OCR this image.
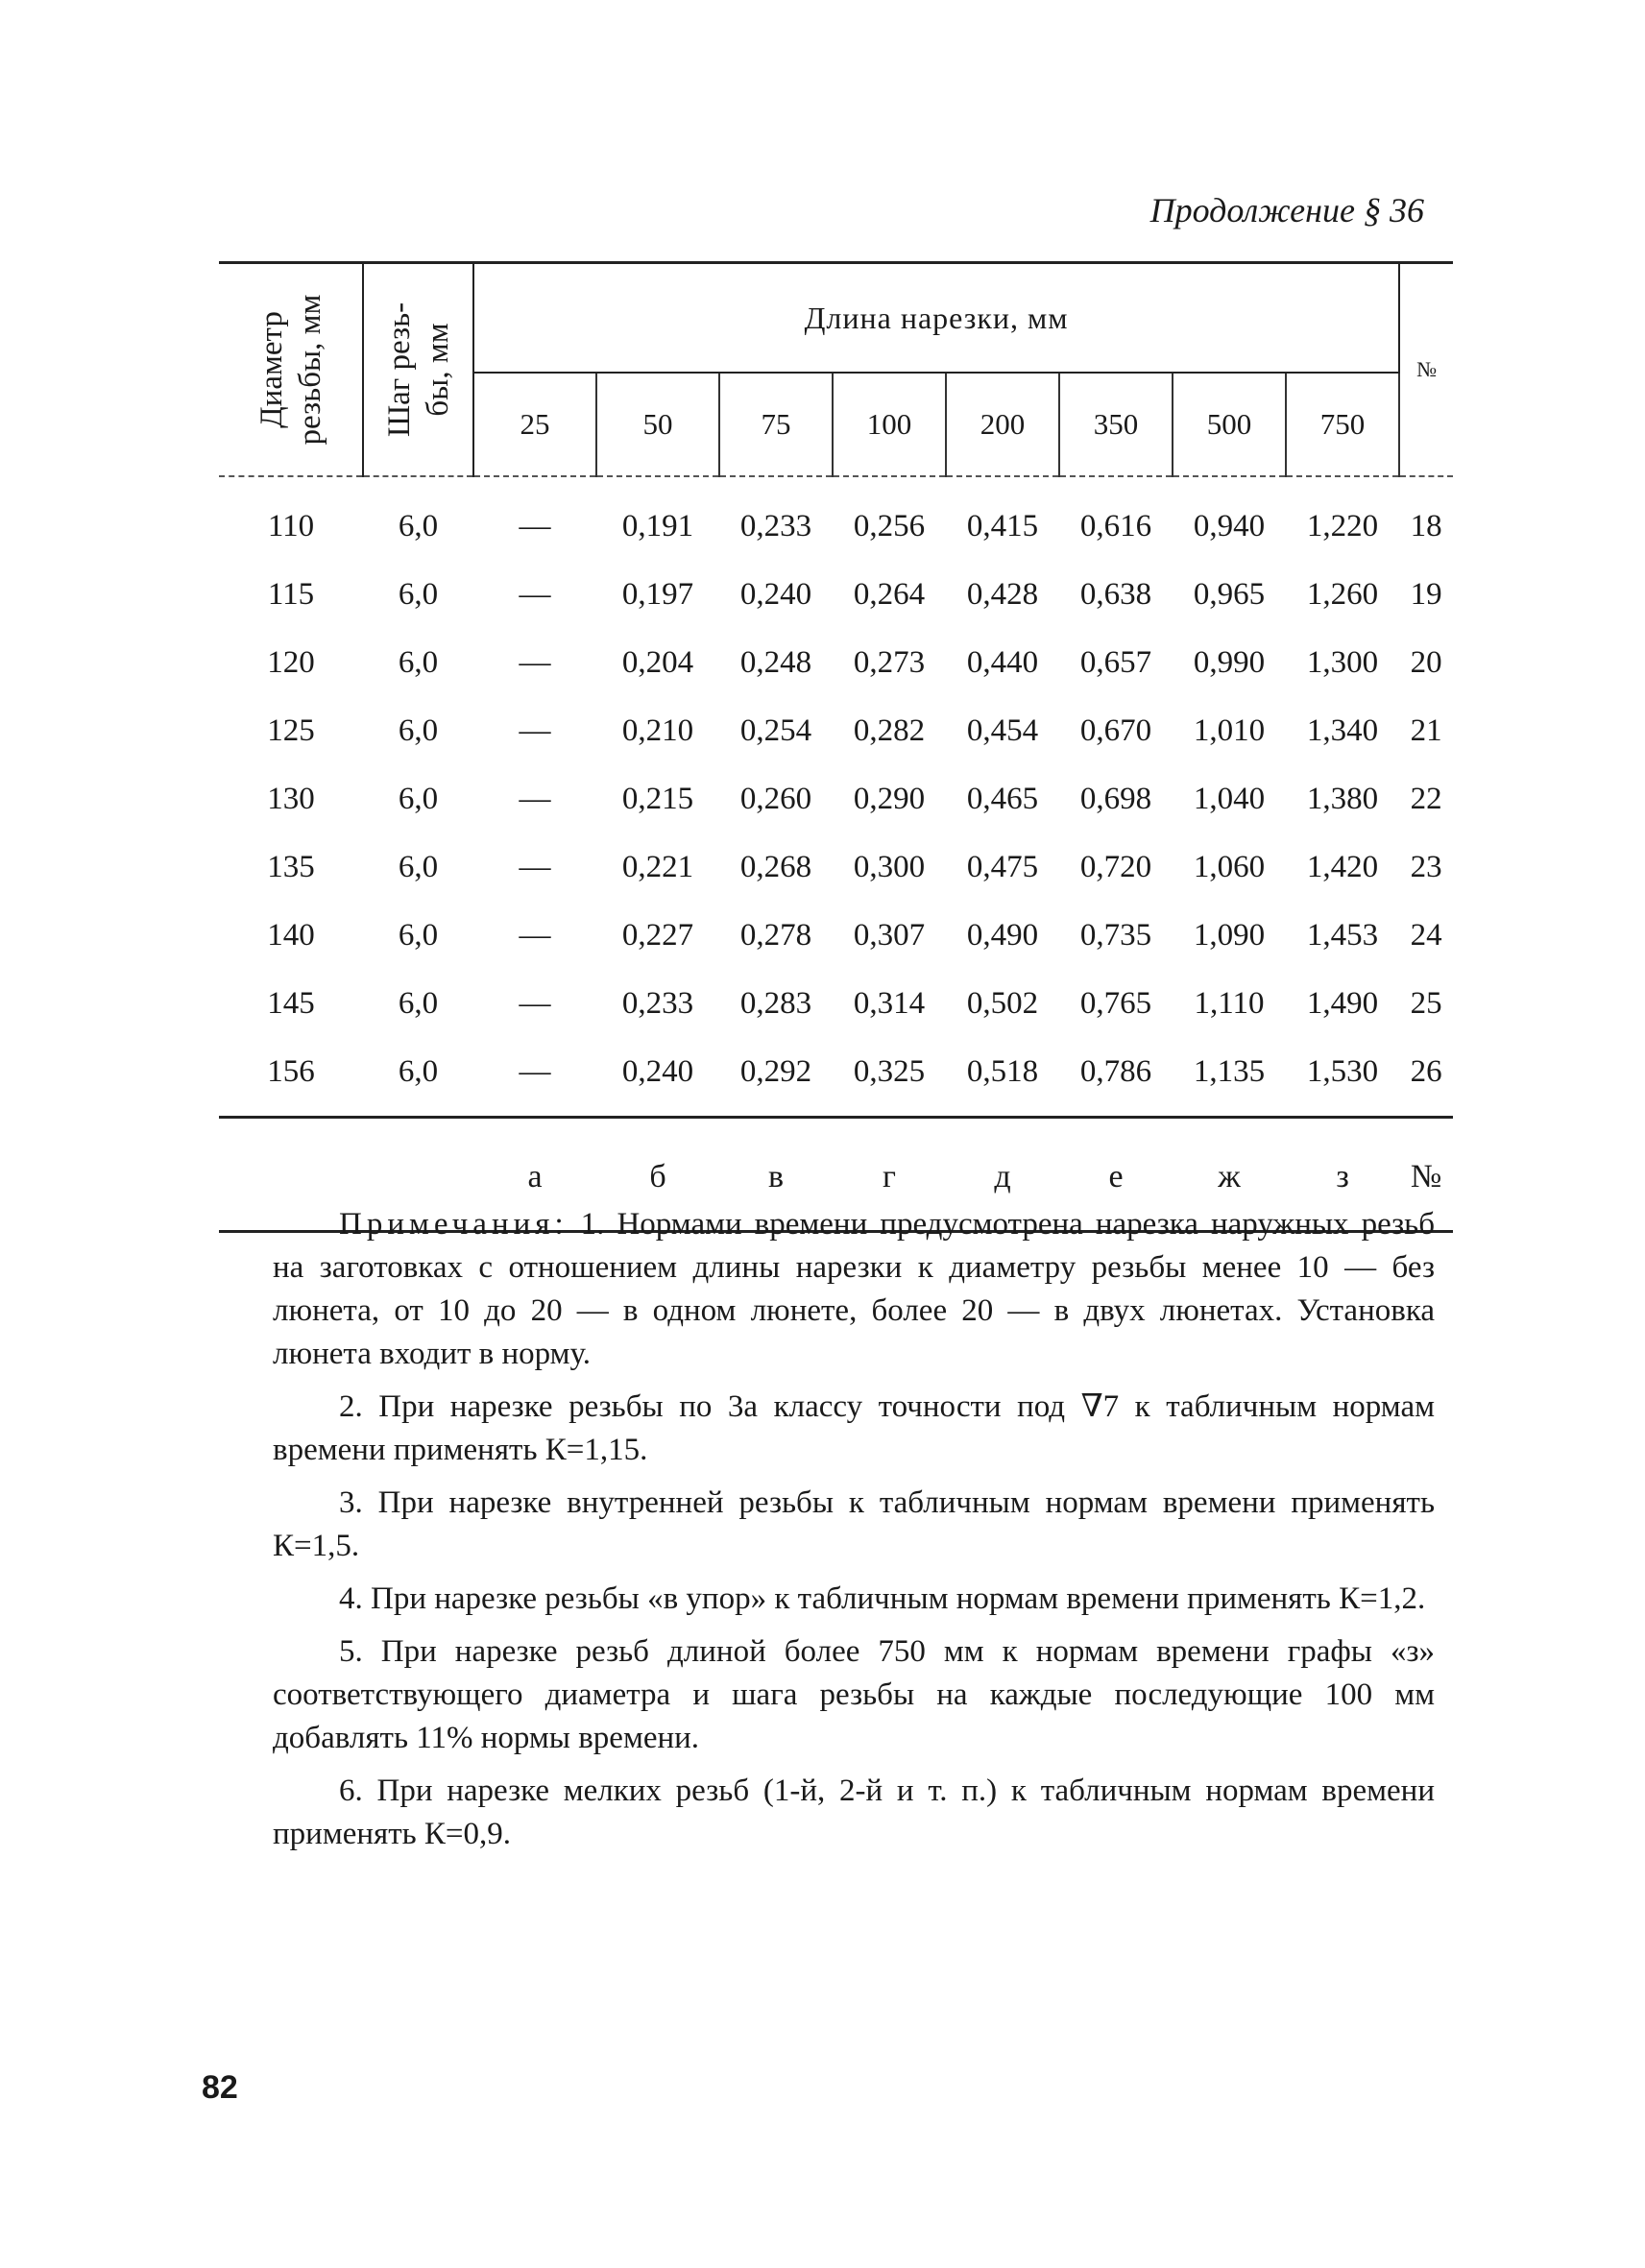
Продолжение § 36
Диаметр резьбы, мм	Шаг резь- бы, мм	Длина нарезки, мм								№
		25	50	75	100	200	350	500	750	
110	6,0	—	0,191	0,233	0,256	0,415	0,616	0,940	1,220	18
115	6,0	—	0,197	0,240	0,264	0,428	0,638	0,965	1,260	19
120	6,0	—	0,204	0,248	0,273	0,440	0,657	0,990	1,300	20
125	6,0	—	0,210	0,254	0,282	0,454	0,670	1,010	1,340	21
130	6,0	—	0,215	0,260	0,290	0,465	0,698	1,040	1,380	22
135	6,0	—	0,221	0,268	0,300	0,475	0,720	1,060	1,420	23
140	6,0	—	0,227	0,278	0,307	0,490	0,735	1,090	1,453	24
145	6,0	—	0,233	0,283	0,314	0,502	0,765	1,110	1,490	25
156	6,0	—	0,240	0,292	0,325	0,518	0,786	1,135	1,530	26
		а	б	в	г	д	е	ж	з	№

Примечания: 1. Нормами времени предусмотрена нарезка наружных резьб на заготовках с отношением длины нарезки к диаметру резьбы менее 10 — без люнета, от 10 до 20 — в одном люнете, более 20 — в двух люнетах. Установка люнета входит в норму.

2. При нарезке резьбы по 3а классу точности под ∇7 к табличным нормам времени применять К=1,15.

3. При нарезке внутренней резьбы к табличным нормам времени применять К=1,5.

4. При нарезке резьбы «в упор» к табличным нормам времени применять К=1,2.

5. При нарезке резьб длиной более 750 мм к нормам времени графы «з» соответствующего диаметра и шага резьбы на каждые последующие 100 мм добавлять 11% нормы времени.

6. При нарезке мелких резьб (1-й, 2-й и т. п.) к табличным нормам времени применять К=0,9.

82
